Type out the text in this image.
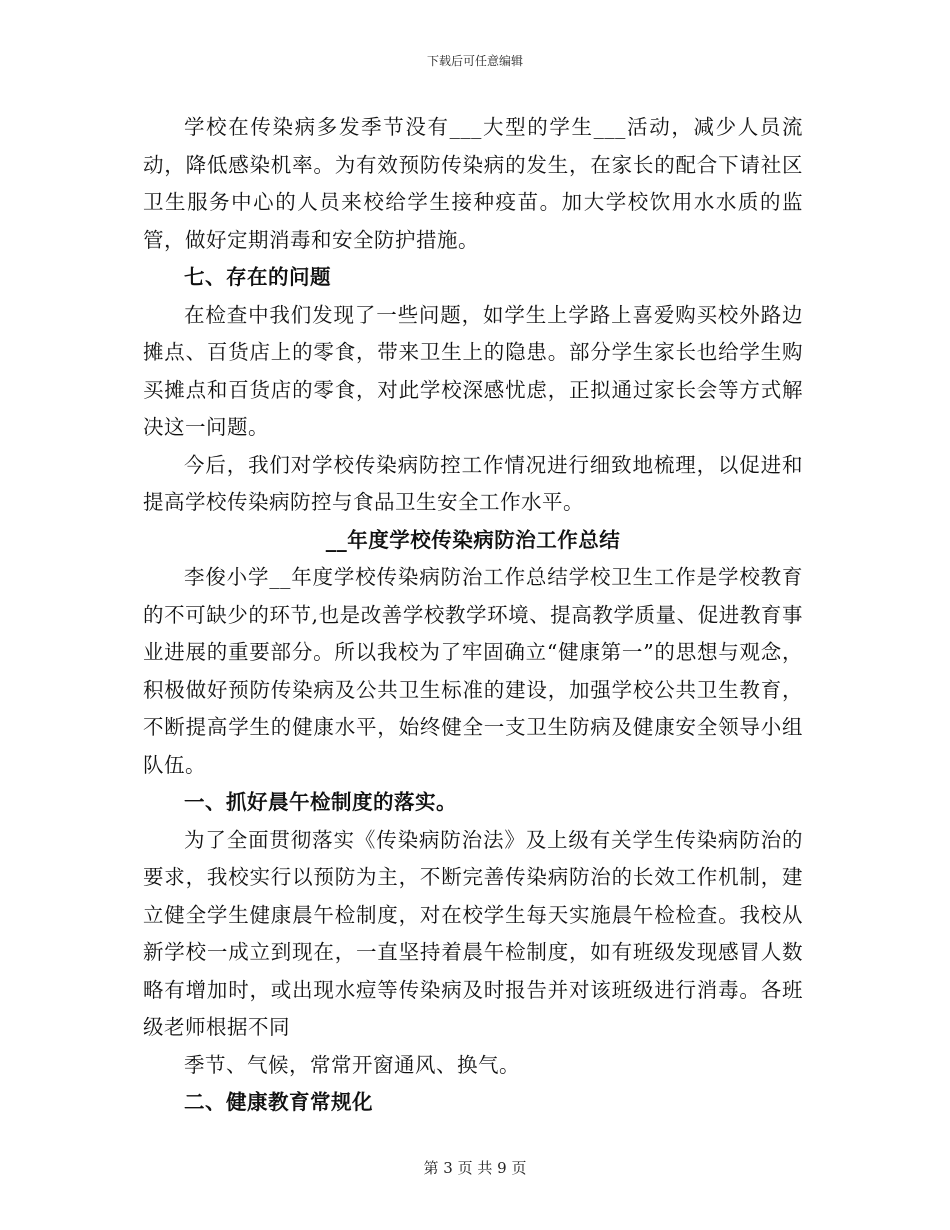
下载后可任意编辑

学校在传染病多发季节没有___大型的学生___活动，减少人员流动，降低感染机率。为有效预防传染病的发生，在家长的配合下请社区卫生服务中心的人员来校给学生接种疫苗。加大学校饮用水水质的监管，做好定期消毒和安全防护措施。

七、存在的问题

在检查中我们发现了一些问题，如学生上学路上喜爱购买校外路边摊点、百货店上的零食，带来卫生上的隐患。部分学生家长也给学生购买摊点和百货店的零食，对此学校深感忧虑，正拟通过家长会等方式解决这一问题。

今后，我们对学校传染病防控工作情况进行细致地梳理，以促进和提高学校传染病防控与食品卫生安全工作水平。

__年度学校传染病防治工作总结

李俊小学__年度学校传染病防治工作总结学校卫生工作是学校教育的不可缺少的环节,也是改善学校教学环境、提高教学质量、促进教育事业进展的重要部分。所以我校为了牢固确立“健康第一”的思想与观念，积极做好预防传染病及公共卫生标准的建设，加强学校公共卫生教育，不断提高学生的健康水平，始终健全一支卫生防病及健康安全领导小组队伍。

一、抓好晨午检制度的落实。

为了全面贯彻落实《传染病防治法》及上级有关学生传染病防治的要求，我校实行以预防为主，不断完善传染病防治的长效工作机制，建立健全学生健康晨午检制度，对在校学生每天实施晨午检检查。我校从新学校一成立到现在，一直坚持着晨午检制度，如有班级发现感冒人数略有增加时，或出现水痘等传染病及时报告并对该班级进行消毒。各班级老师根据不同

季节、气候，常常开窗通风、换气。

二、健康教育常规化

第 3 页 共 9 页
